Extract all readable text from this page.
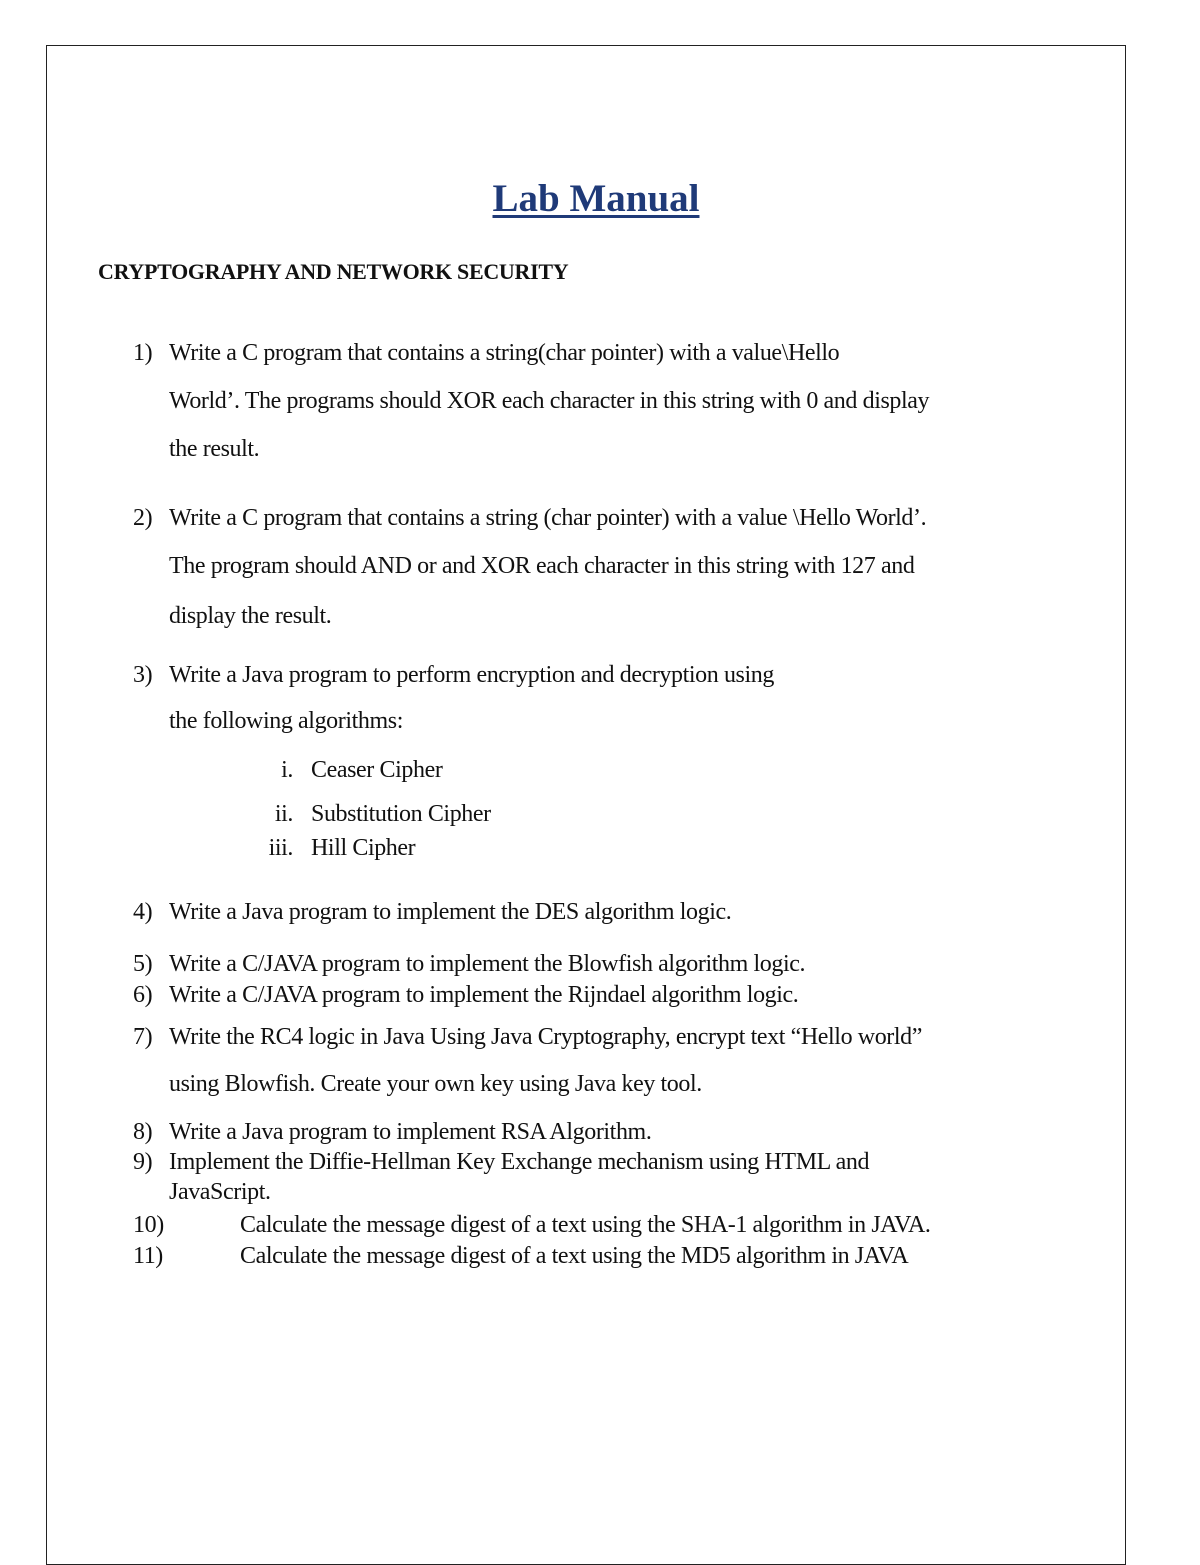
Lab Manual
CRYPTOGRAPHY AND NETWORK SECURITY
1) Write a C program that contains a string(char pointer) with a value\Hello
World’. The programs should XOR each character in this string with 0 and display
the result.
2) Write a C program that contains a string (char pointer) with a value \Hello World’.
The program should AND or and XOR each character in this string with 127 and
display the result.
3) Write a Java program to perform encryption and decryption using
the following algorithms:
i. Ceaser Cipher
ii. Substitution Cipher
iii. Hill Cipher
4) Write a Java program to implement the DES algorithm logic.
5) Write a C/JAVA program to implement the Blowfish algorithm logic.
6) Write a C/JAVA program to implement the Rijndael algorithm logic.
7) Write the RC4 logic in Java Using Java Cryptography, encrypt text “Hello world”
using Blowfish. Create your own key using Java key tool.
8) Write a Java program to implement RSA Algorithm.
9) Implement the Diffie-Hellman Key Exchange mechanism using HTML and
JavaScript.
10)	Calculate the message digest of a text using the SHA-1 algorithm in JAVA.
11)	Calculate the message digest of a text using the MD5 algorithm in JAVA
